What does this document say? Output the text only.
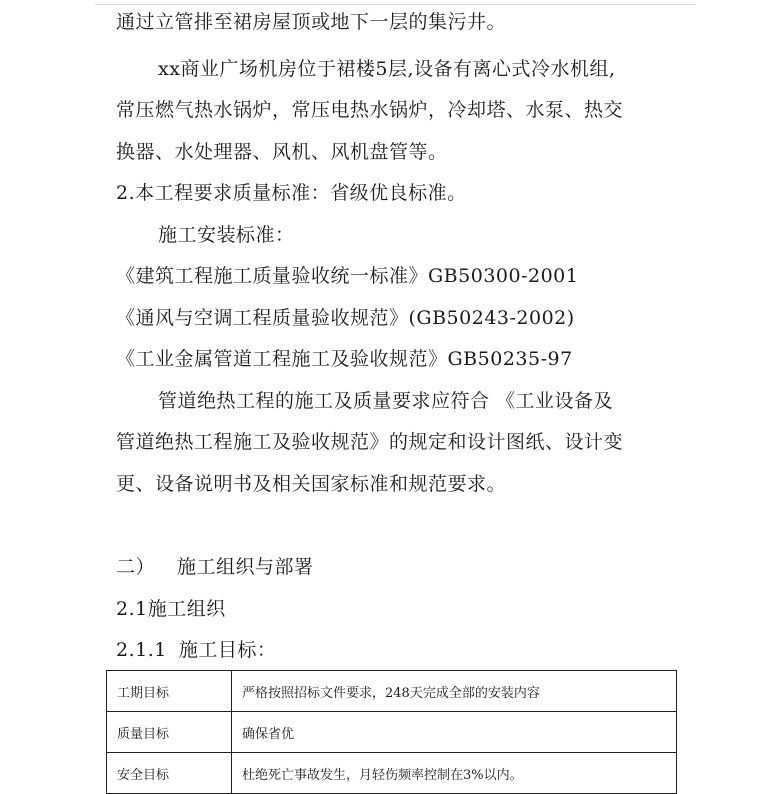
通过立管排至裙房屋顶或地下一层的集污井。
xx商业广场机房位于裙楼5层,设备有离心式冷水机组,
常压燃气热水锅炉，常压电热水锅炉，冷却塔、水泵、热交
换器、水处理器、风机、风机盘管等。
2.本工程要求质量标准：省级优良标准。
施工安装标准：
《建筑工程施工质量验收统一标准》GB50300-2001
《通风与空调工程质量验收规范》(GB50243-2002)
《工业金属管道工程施工及验收规范》GB50235-97
管道绝热工程的施工及质量要求应符合 《工业设备及
管道绝热工程施工及验收规范》的规定和设计图纸、设计变
更、设备说明书及相关国家标准和规范要求。
二） 施工组织与部署
2.1施工组织
2.1.1 施工目标：
工期目标	严格按照招标文件要求，248天完成全部的安装内容
质量目标	确保省优
安全目标	杜绝死亡事故发生，月轻伤频率控制在3%以内。
